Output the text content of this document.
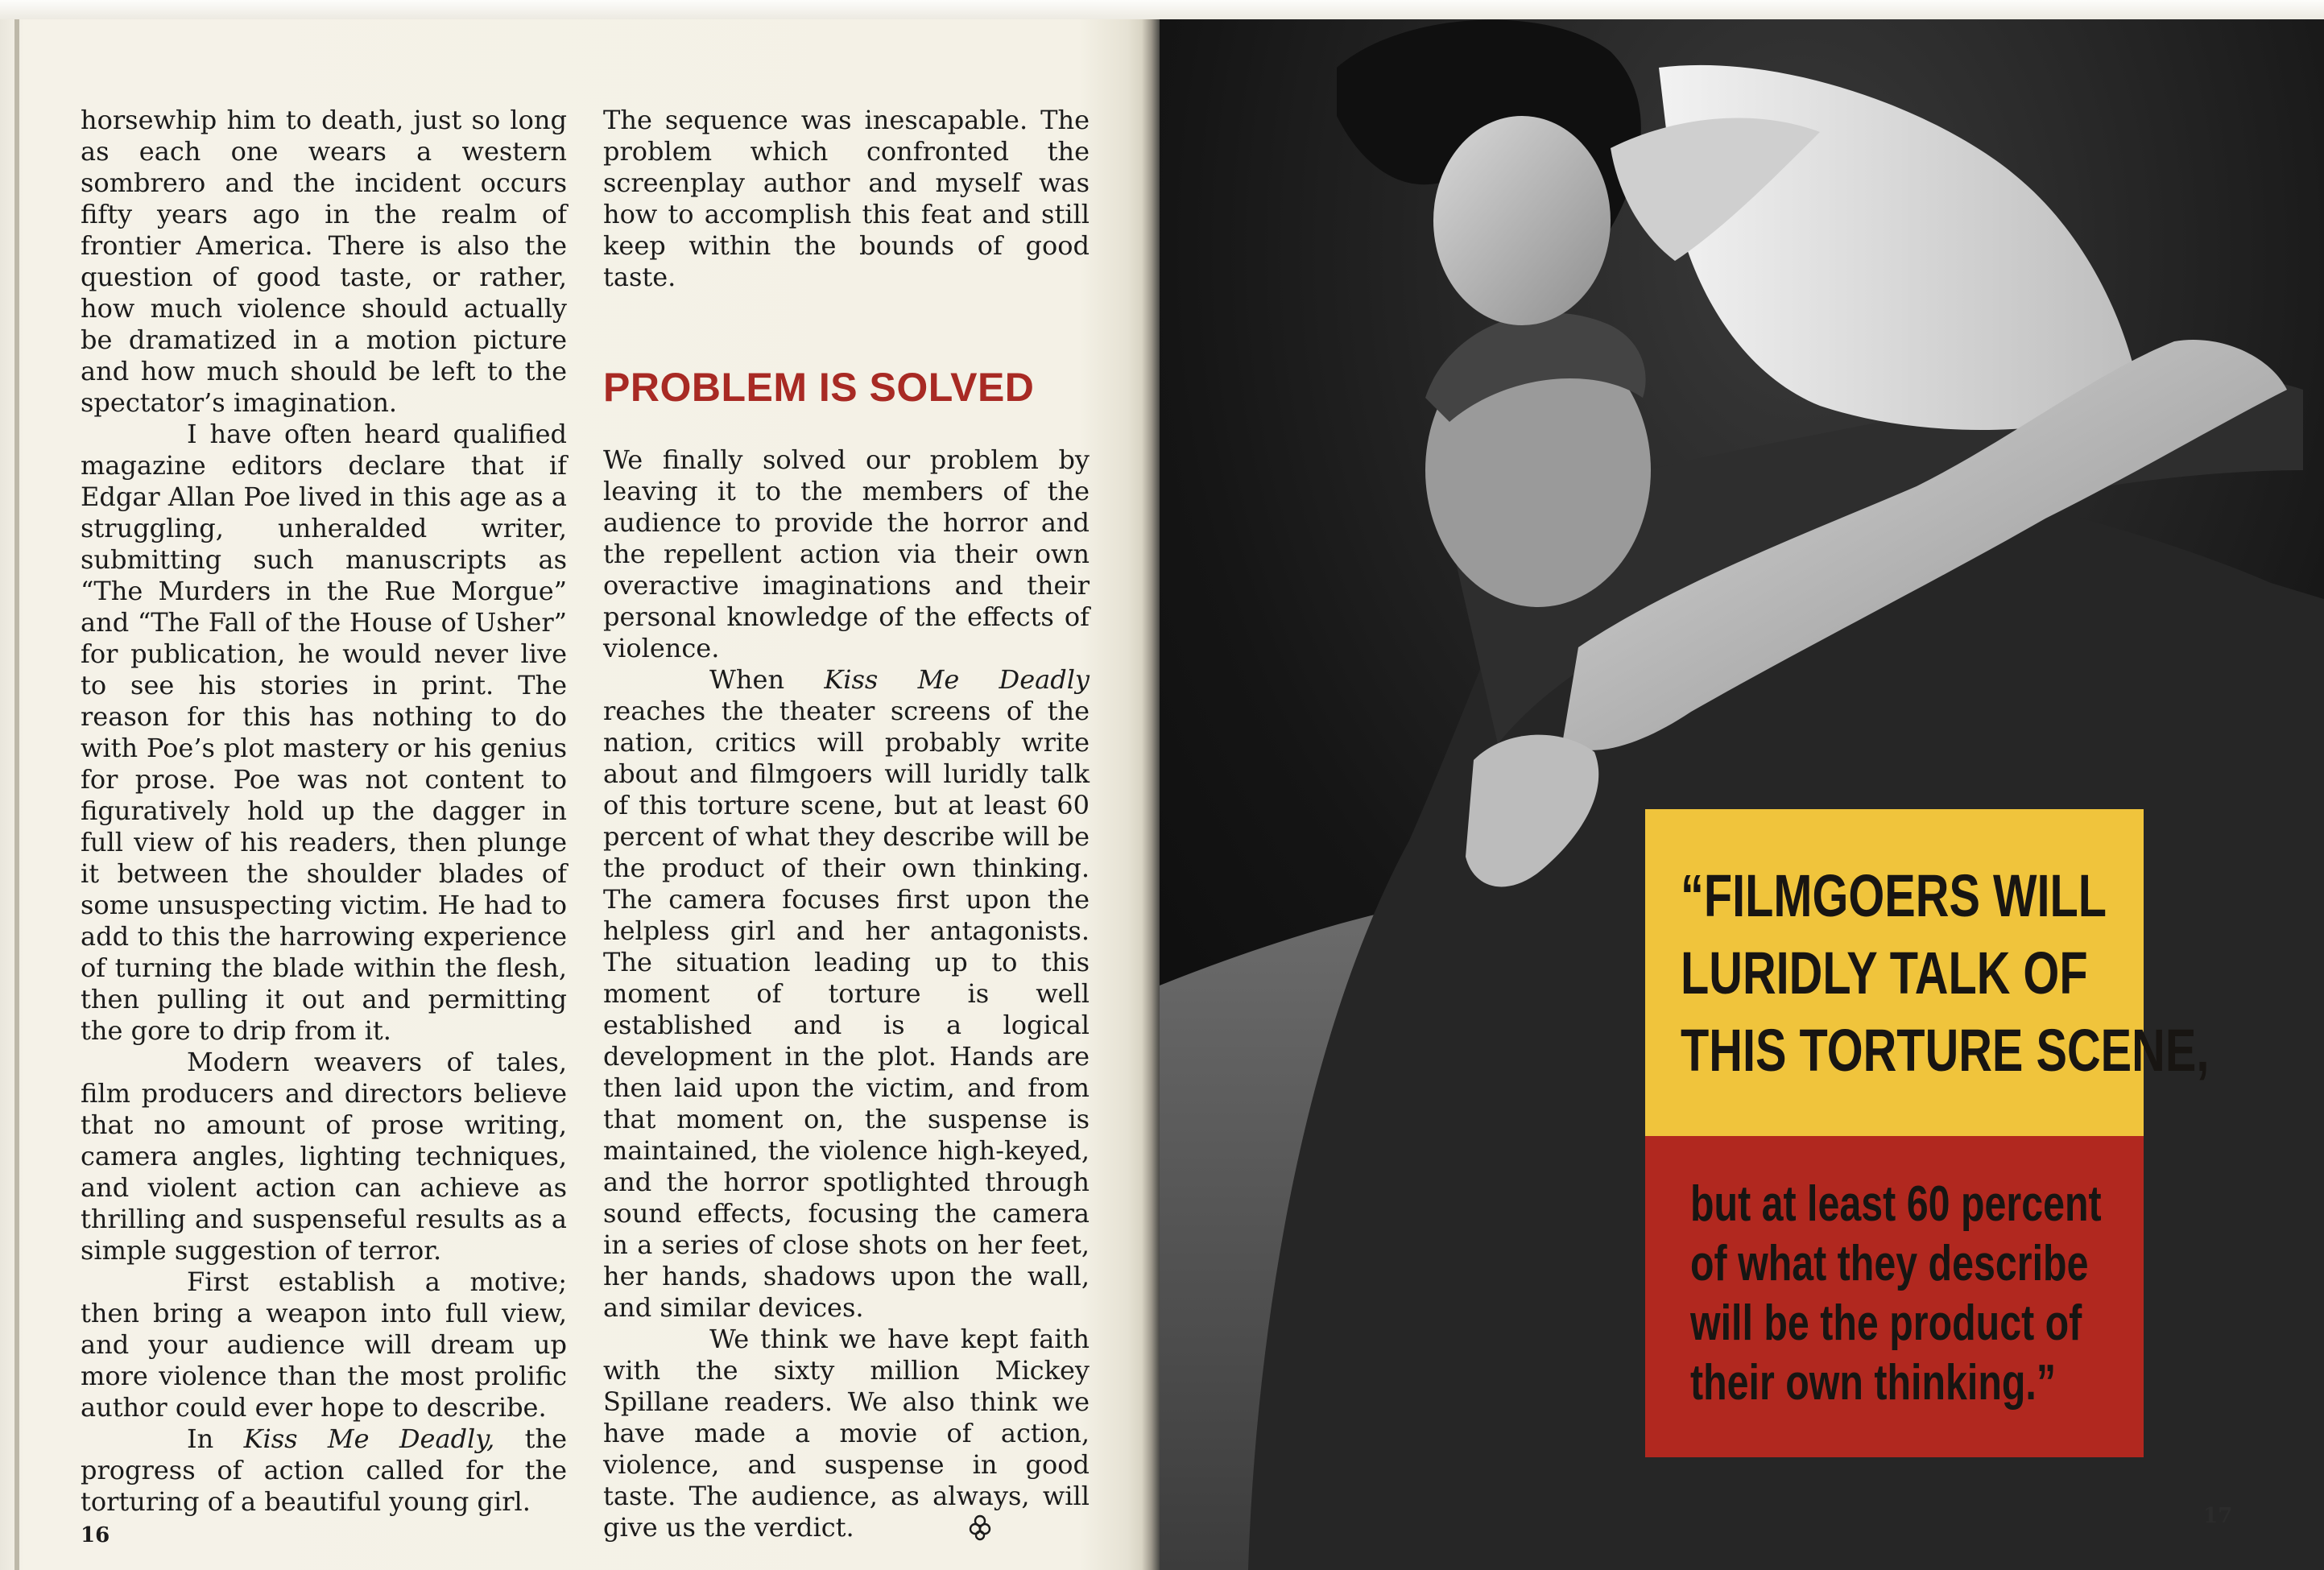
horsewhip him to death, just so long as each one wears a western sombrero and the incident occurs fifty years ago in the realm of frontier America. There is also the question of good taste, or rather, how much violence should actually be dramatized in a motion picture and how much should be left to the spectator’s imagination.

I have often heard qualified magazine editors declare that if Edgar Allan Poe lived in this age as a struggling, unheralded writer, submitting such manuscripts as “The Murders in the Rue Morgue” and “The Fall of the House of Usher” for publication, he would never live to see his stories in print. The reason for this has nothing to do with Poe’s plot mastery or his genius for prose. Poe was not content to figuratively hold up the dagger in full view of his readers, then plunge it between the shoulder blades of some unsuspecting victim. He had to add to this the harrowing experience of turning the blade within the flesh, then pulling it out and permitting the gore to drip from it.

Modern weavers of tales, film producers and directors believe that no amount of prose writing, camera angles, lighting techniques, and violent action can achieve as thrilling and suspenseful results as a simple suggestion of terror.

First establish a motive; then bring a weapon into full view, and your audience will dream up more violence than the most prolific author could ever hope to describe.

In Kiss Me Deadly, the progress of action called for the torturing of a beautiful young girl.

The sequence was inescapable. The problem which confronted the screenplay author and myself was how to accomplish this feat and still keep within the bounds of good taste.

PROBLEM IS SOLVED

We finally solved our problem by leaving it to the members of the audience to provide the horror and the repellent action via their own overactive imaginations and their personal knowledge of the effects of violence.

When Kiss Me Deadly reaches the theater screens of the nation, critics will probably write about and filmgoers will luridly talk of this torture scene, but at least 60 percent of what they describe will be the product of their own thinking. The camera focuses first upon the helpless girl and her antagonists. The situation leading up to this moment of torture is well established and is a logical development in the plot. Hands are then laid upon the victim, and from that moment on, the suspense is maintained, the violence high-keyed, and the horror spotlighted through sound effects, focusing the camera in a series of close shots on her feet, her hands, shadows upon the wall, and similar devices.

We think we have kept faith with the sixty million Mickey Spillane readers. We also think we have made a movie of action, violence, and suspense in good taste. The audience, as always, will give us the verdict.

16
“FILMGOERS WILL
LURIDLY TALK OF
THIS TORTURE SCENE,
but at least 60 percent
of what they describe
will be the product of
their own thinking.”
17
